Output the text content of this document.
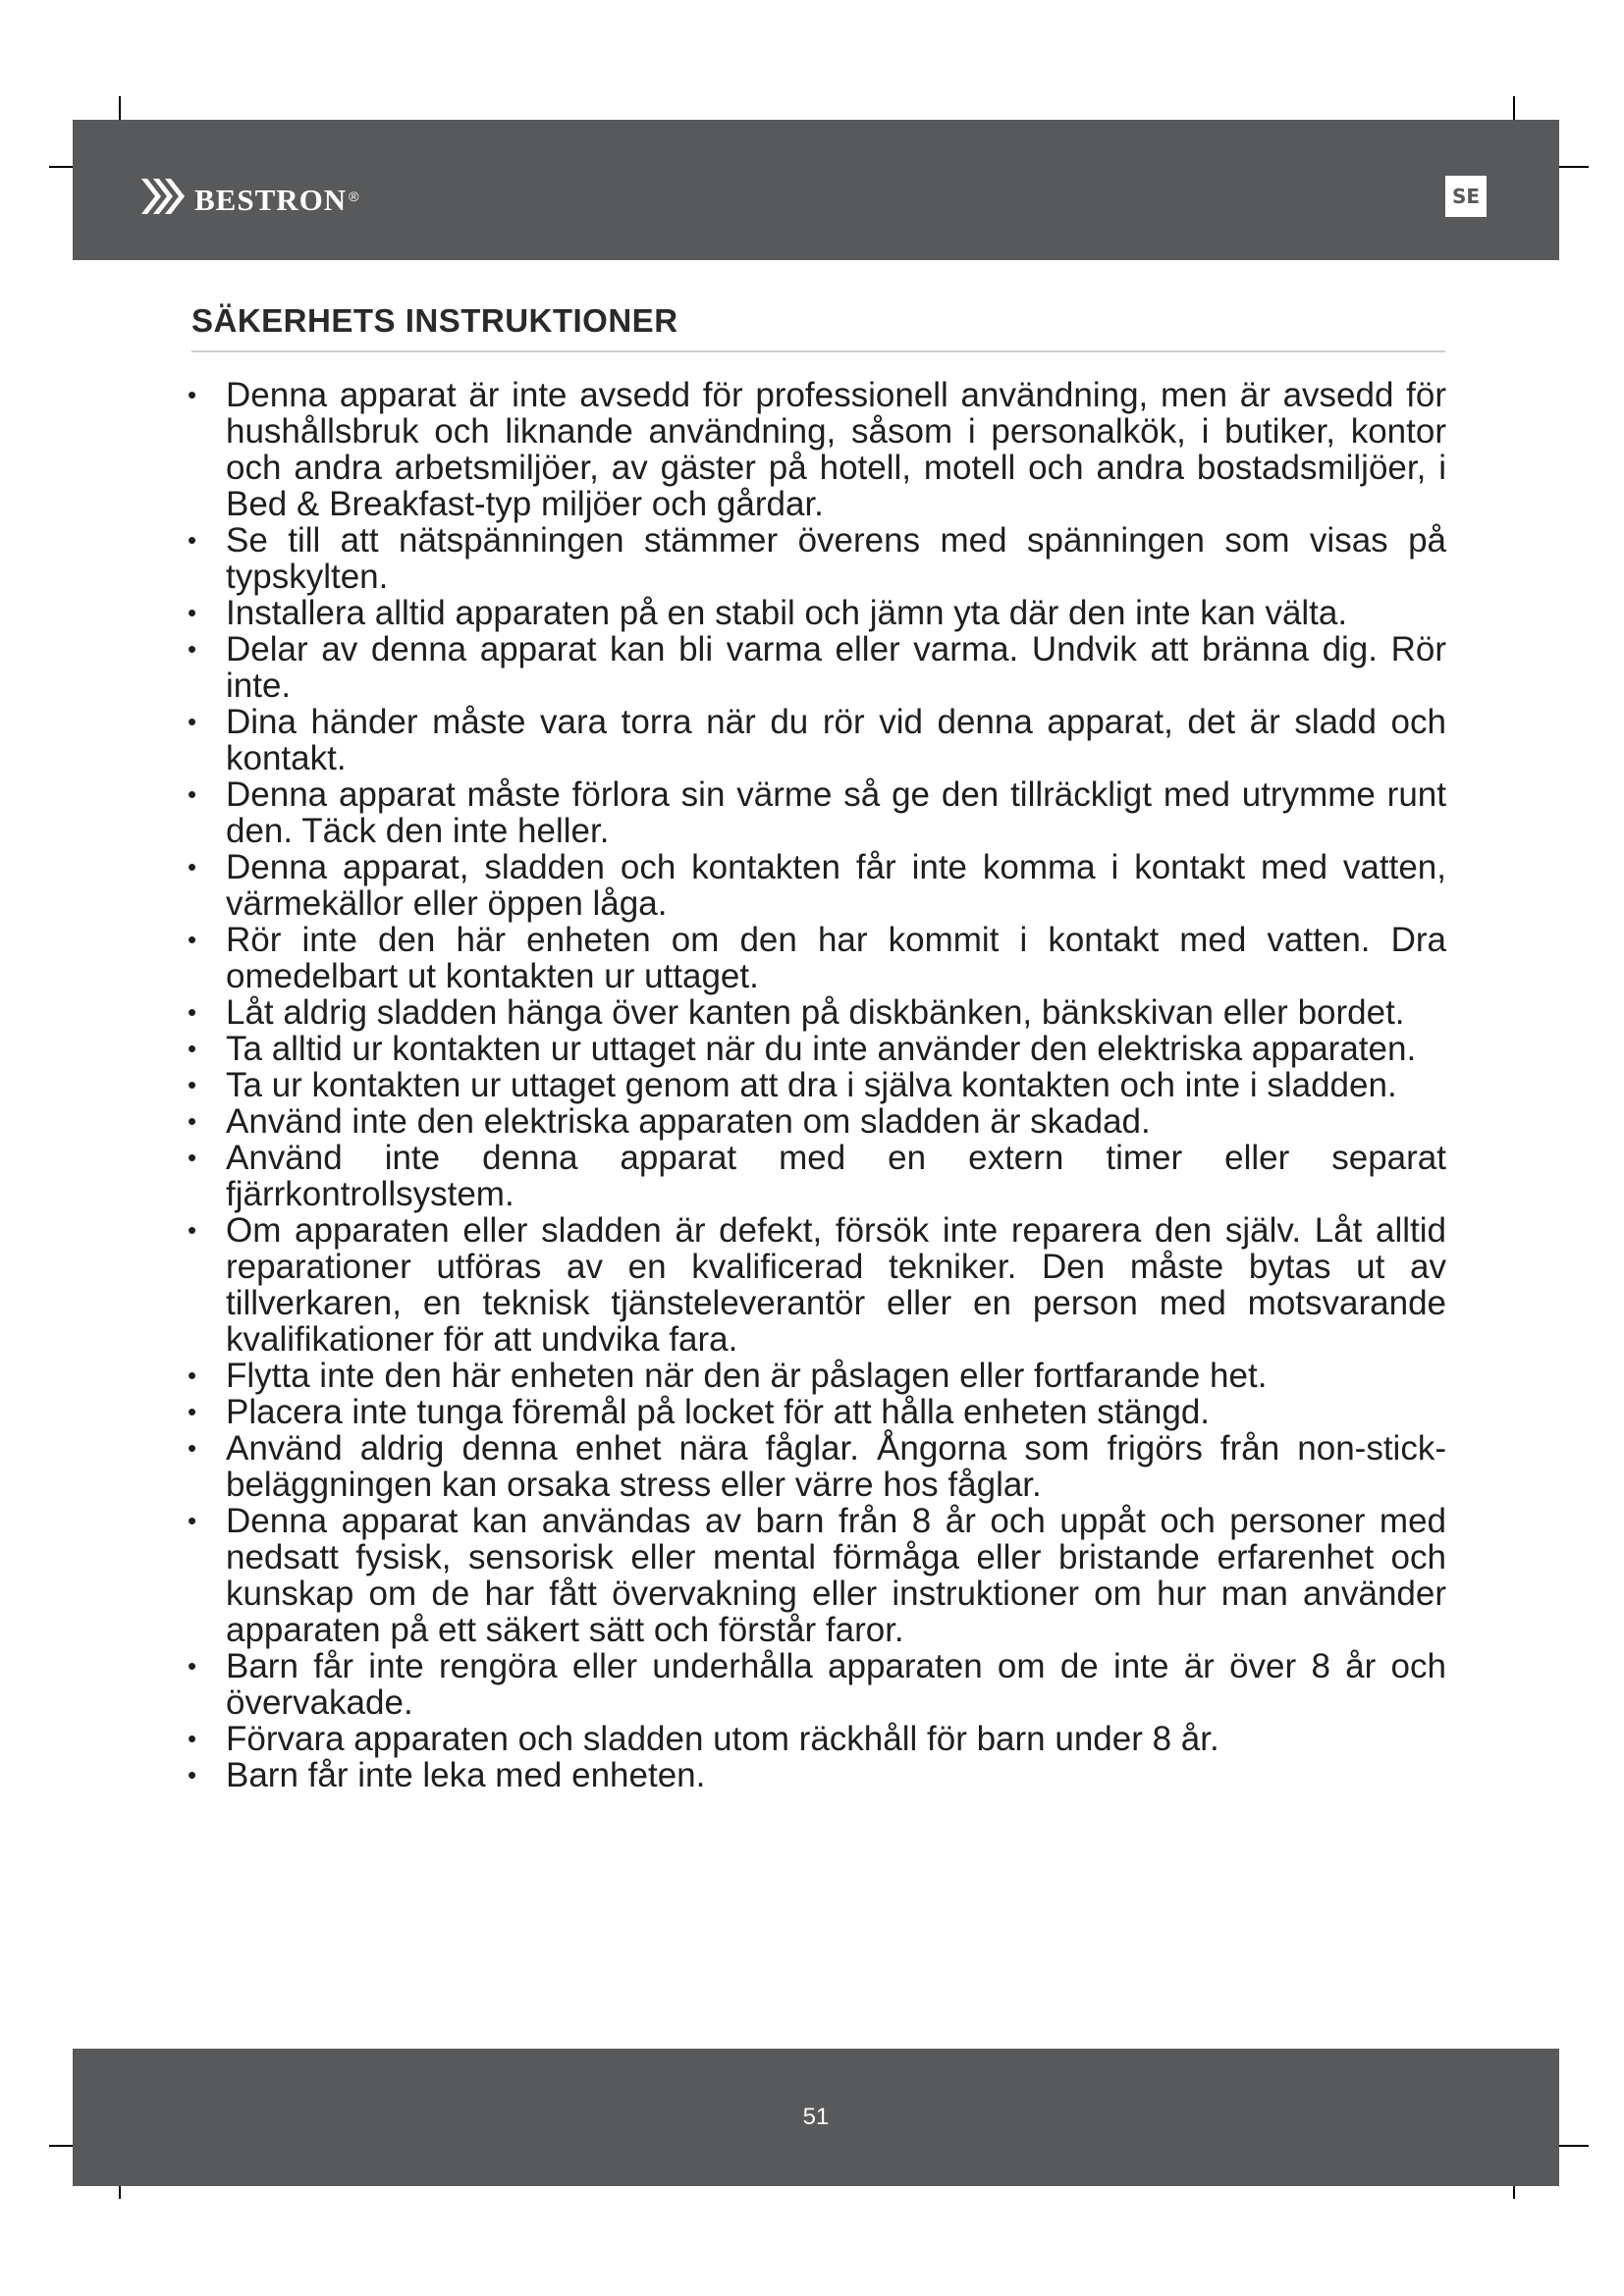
bestron ®	SE
SÄKERHETS INSTRUKTIONER
• Denna apparat är inte avsedd för professionell användning, men är avsedd för hushållsbruk och liknande användning, såsom i personalkök, i butiker, kontor och andra arbetsmiljöer, av gäster på hotell, motell och andra bostadsmiljöer, i Bed & Breakfast-typ miljöer och gårdar.
• Se till att nätspänningen stämmer överens med spänningen som visas på typskylten.
• Installera alltid apparaten på en stabil och jämn yta där den inte kan välta.
• Delar av denna apparat kan bli varma eller varma. Undvik att bränna dig. Rör inte.
• Dina händer måste vara torra när du rör vid denna apparat, det är sladd och kontakt.
• Denna apparat måste förlora sin värme så ge den tillräckligt med utrymme runt den. Täck den inte heller.
• Denna apparat, sladden och kontakten får inte komma i kontakt med vatten, värmekällor eller öppen låga.
• Rör inte den här enheten om den har kommit i kontakt med vatten. Dra omedelbart ut kontakten ur uttaget.
• Låt aldrig sladden hänga över kanten på diskbänken, bänkskivan eller bordet.
• Ta alltid ur kontakten ur uttaget när du inte använder den elektriska apparaten.
• Ta ur kontakten ur uttaget genom att dra i själva kontakten och inte i sladden.
• Använd inte den elektriska apparaten om sladden är skadad.
• Använd inte denna apparat med en extern timer eller separat fjärrkontrollsystem.
• Om apparaten eller sladden är defekt, försök inte reparera den själv. Låt alltid reparationer utföras av en kvalificerad tekniker. Den måste bytas ut av tillverkaren, en teknisk tjänsteleverantör eller en person med motsvarande kvalifikationer för att undvika fara.
• Flytta inte den här enheten när den är påslagen eller fortfarande het.
• Placera inte tunga föremål på locket för att hålla enheten stängd.
• Använd aldrig denna enhet nära fåglar. Ångorna som frigörs från non-stick-beläggningen kan orsaka stress eller värre hos fåglar.
• Denna apparat kan användas av barn från 8 år och uppåt och personer med nedsatt fysisk, sensorisk eller mental förmåga eller bristande erfarenhet och kunskap om de har fått övervakning eller instruktioner om hur man använder apparaten på ett säkert sätt och förstår faror.
• Barn får inte rengöra eller underhålla apparaten om de inte är över 8 år och övervakade.
• Förvara apparaten och sladden utom räckhåll för barn under 8 år.
• Barn får inte leka med enheten.
51
